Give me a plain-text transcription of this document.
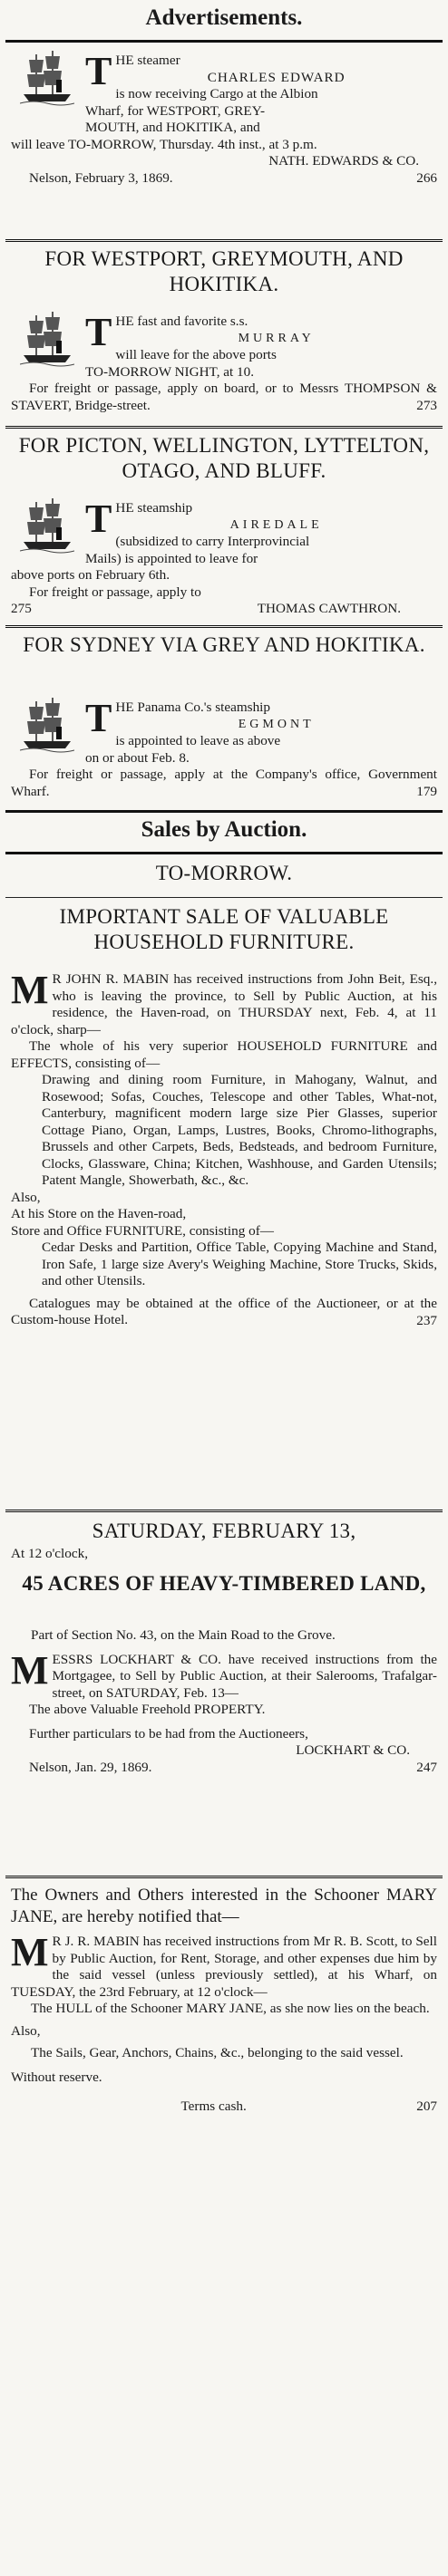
Advertisements.
T HE steamer
CHARLES EDWARD
is now receiving Cargo at the Albion
Wharf, for WESTPORT, GREY-
MOUTH, and HOKITIKA, and
will leave TO-MORROW, Thursday. 4th inst., at 3 p.m.
NATH. EDWARDS & CO.
Nelson, February 3, 1869.	266
FOR WESTPORT, GREYMOUTH, AND HOKITIKA.
T HE fast and favorite s.s.
MURRAY
will leave for the above ports
TO-MORROW NIGHT, at 10.
For freight or passage, apply on board, or to Messrs THOMPSON & STAVERT, Bridge-street.	273
FOR PICTON, WELLINGTON, LYTTELTON, OTAGO, AND BLUFF.
T HE steamship
AIREDALE
(subsidized to carry Interprovincial
Mails) is appointed to leave for
above ports on February 6th.
For freight or passage, apply to
275	THOMAS CAWTHRON.
FOR SYDNEY VIA GREY AND HOKITIKA.
T HE Panama Co.'s steamship
EGMONT
is appointed to leave as above
on or about Feb. 8.
For freight or passage, apply at the Company's office, Government Wharf.	179
Sales by Auction.
TO-MORROW.
IMPORTANT SALE OF VALUABLE HOUSEHOLD FURNITURE.
M R JOHN R. MABIN has received instructions from John Beit, Esq., who is leaving the province, to Sell by Public Auction, at his residence, the Haven-road, on THURSDAY next, Feb. 4, at 11 o'clock, sharp—
The whole of his very superior HOUSEHOLD FURNITURE and EFFECTS, consisting of—
Drawing and dining room Furniture, in Mahogany, Walnut, and Rosewood; Sofas, Couches, Telescope and other Tables, What-not, Canterbury, magnificent modern large size Pier Glasses, superior Cottage Piano, Organ, Lamps, Lustres, Books, Chromo-lithographs, Brussels and other Carpets, Beds, Bedsteads, and bedroom Furniture, Clocks, Glassware, China; Kitchen, Washhouse, and Garden Utensils; Patent Mangle, Showerbath, &c., &c.
Also,
At his Store on the Haven-road,
Store and Office FURNITURE, consisting of—
Cedar Desks and Partition, Office Table, Copying Machine and Stand, Iron Safe, 1 large size Avery's Weighing Machine, Store Trucks, Skids, and other Utensils.
Catalogues may be obtained at the office of the Auctioneer, or at the Custom-house Hotel.	237
SATURDAY, FEBRUARY 13,
At 12 o'clock,
45 ACRES OF HEAVY-TIMBERED LAND,
Part of Section No. 43, on the Main Road to the Grove.
MESSRS LOCKHART & CO. have received instructions from the Mortgagee, to Sell by Public Auction, at their Salerooms, Trafalgar-street, on SATURDAY, Feb. 13—
The above Valuable Freehold PROPERTY.
Further particulars to be had from the Auctioneers,
LOCKHART & CO.
Nelson, Jan. 29, 1869.	247
The Owners and Others interested in the Schooner MARY JANE, are hereby notified that—
M R J. R. MABIN has received instructions from Mr R. B. Scott, to Sell by Public Auction, for Rent, Storage, and other expenses due him by the said vessel (unless previously settled), at his Wharf, on TUESDAY, the 23rd February, at 12 o'clock—
The HULL of the Schooner MARY JANE, as she now lies on the beach.
Also,
The Sails, Gear, Anchors, Chains, &c., belonging to the said vessel.
Without reserve.
Terms cash.	207
